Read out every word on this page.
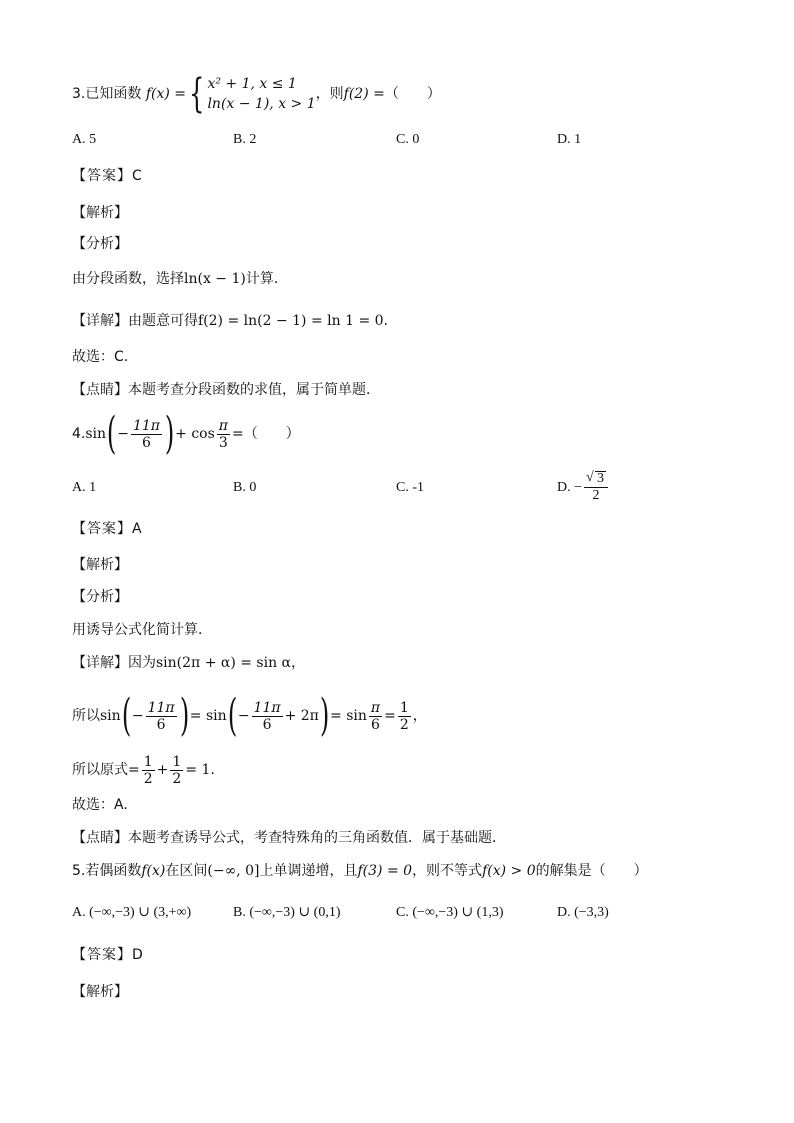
3.已知函数 f(x) ={ x² + 1, x ≤ 1
ln(x − 1), x > 1
，则f(2) =（　　）
A. 5	B. 2	C. 0	D. 1
【答案】C
【解析】
【分析】
由分段函数，选择ln(x − 1)计算．
【详解】由题意可得f(2) = ln(2 − 1) = ln 1 = 0.
故选：C.
【点睛】本题考查分段函数的求值，属于简单题．
$4.\sin(- \frac{11\pi}{6}$ )+ $\cos \frac{\pi}{3}$ =（　　）
A. 1	B. 0	C. -1	D. −
√ $\frac{3}{2}$
【答案】A
【解析】
【分析】
用诱导公式化简计算．
【详解】因为sin(2π + α) = sin α，
所以$\sin(- \frac{11\pi}{6}$ )= $\sin(- \frac{11\pi}{6} + 2\pi)= \sin \frac{\pi}{6} = \frac{1}{2}$ ，
所以原式= $\frac{1}{2} + \frac{1}{2} = 1$.
故选：A.
【点睛】本题考查诱导公式，考查特殊角的三角函数值．属于基础题．
5.若偶函数f(x)在区间(−∞, 0]上单调递增，且f(3) = 0，则不等式f(x) > 0的解集是（　　）
A. (−∞,−3) ∪ (3,+∞)	B. (−∞,−3) ∪ (0,1)	C. (−∞,−3) ∪ (1,3)	D. (−3,3)
【答案】D
【解析】
